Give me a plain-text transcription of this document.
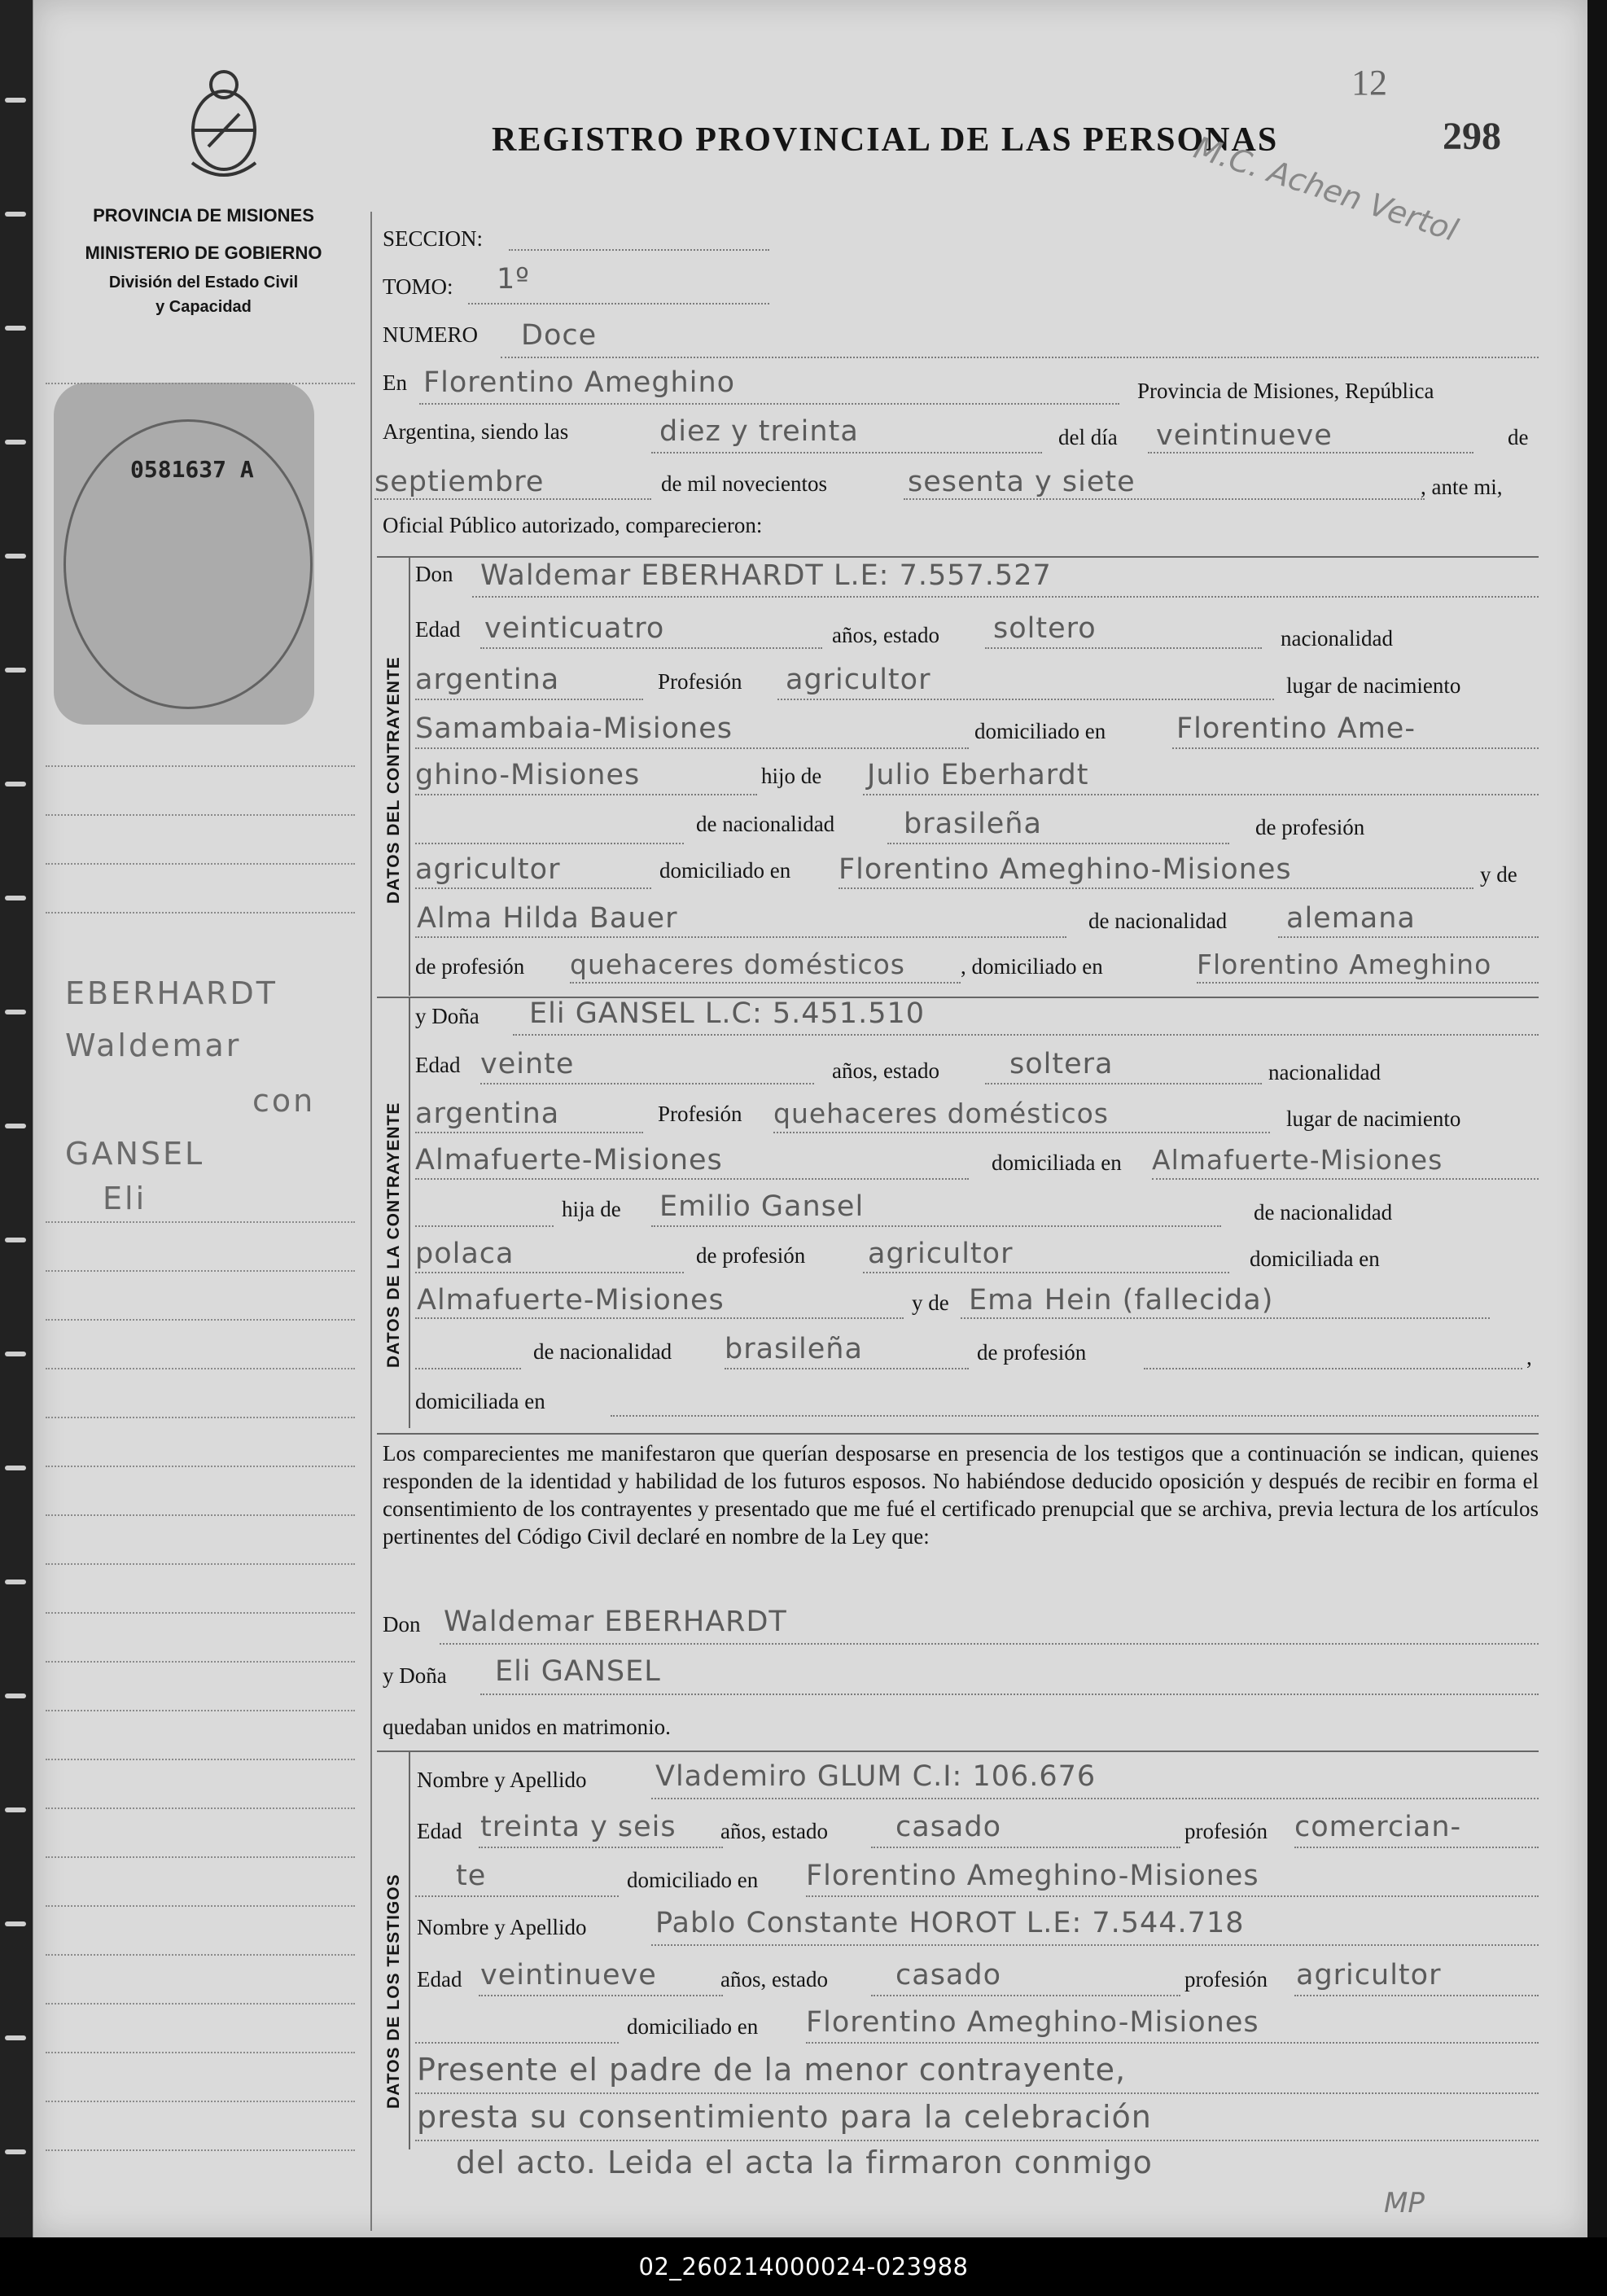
PROVINCIA DE MISIONES
MINISTERIO DE GOBIERNO
División del Estado Civil
y Capacidad
0581637 A
EBERHARDT
Waldemar
con
GANSEL
Eli
12
REGISTRO PROVINCIAL DE LAS PERSONAS	298
M.C. Achen Vertol
SECCION:
TOMO: 1º
NUMERO Doce
En Florentino Ameghino	Provincia de Misiones, República
Argentina, siendo las	diez y treinta	del día veintinueve	de
septiembre	de mil novecientos	sesenta y siete	, ante mi,
Oficial Público autorizado, comparecieron:
DATOS DEL CONTRAYENTE
Don Waldemar EBERHARDT L.E: 7.557.527
Edad veinticuatro	años, estado soltero	nacionalidad
argentina	Profesión agricultor	lugar de nacimiento
Samambaia-Misiones	domiciliado en Florentino Ame-
ghino-Misiones	hijo de Julio Eberhardt
de nacionalidad brasileña	de profesión
agricultor	domiciliado en Florentino Ameghino-Misiones	y de
Alma Hilda Bauer	de nacionalidad alemana
de profesión quehaceres domésticos	, domiciliado en	Florentino Ameghino
DATOS DE LA CONTRAYENTE
y Doña Eli GANSEL L.C: 5.451.510
Edad veinte	años, estado soltera	nacionalidad
argentina	Profesión quehaceres domésticos	lugar de nacimiento
Almafuerte-Misiones	domiciliada en Almafuerte-Misiones
hija de Emilio Gansel	de nacionalidad
polaca	de profesión agricultor	domiciliada en
Almafuerte-Misiones	y de Ema Hein (fallecida)
de nacionalidad brasileña	de profesión	,
domiciliada en
Los comparecientes me manifestaron que querían desposarse en presencia de los testigos que a continuación se indican, quienes responden de la identidad y habilidad de los futuros esposos. No habiéndose deducido oposición y después de recibir en forma el consentimiento de los contrayentes y presentado que me fué el certificado prenupcial que se archiva, previa lectura de los artículos pertinentes del Código Civil declaré en nombre de la Ley que:
Don Waldemar EBERHARDT
y Doña Eli GANSEL
quedaban unidos en matrimonio.
DATOS DE LOS TESTIGOS
Nombre y Apellido Vlademiro GLUM C.I: 106.676
Edad treinta y seis años, estado casado	profesión comercian-
te	domiciliado en Florentino Ameghino-Misiones
Nombre y Apellido Pablo Constante HOROT L.E: 7.544.718
Edad veintinueve	años, estado casado	profesión agricultor
domiciliado en Florentino Ameghino-Misiones
Presente el padre de la menor contrayente,
presta su consentimiento para la celebración
del acto. Leida el acta la firmaron conmigo
MP
02_260214000024-023988
